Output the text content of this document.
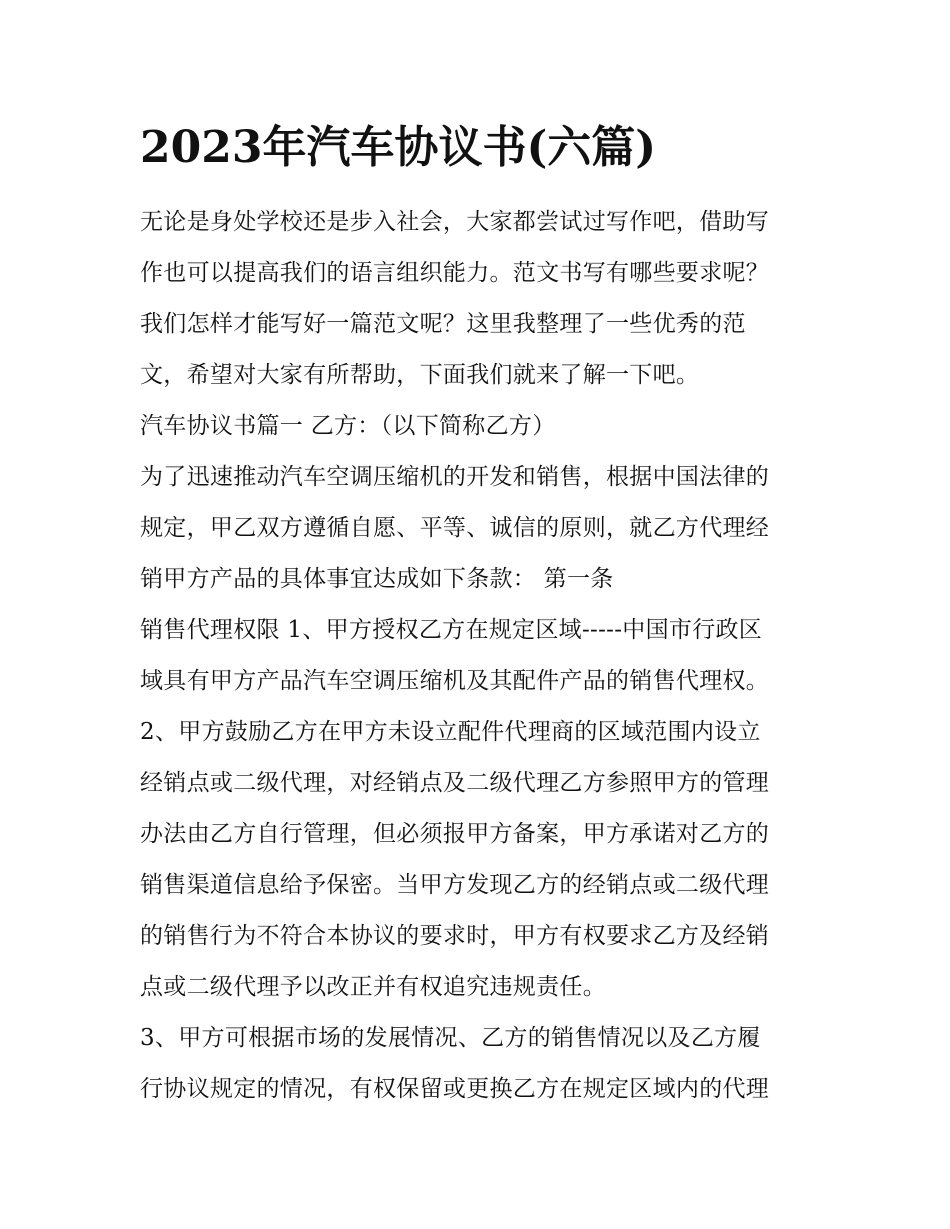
2023年汽车协议书(六篇)

无论是身处学校还是步入社会，大家都尝试过写作吧，借助写

作也可以提高我们的语言组织能力。范文书写有哪些要求呢？

我们怎样才能写好一篇范文呢？这里我整理了一些优秀的范

文，希望对大家有所帮助，下面我们就来了解一下吧。

汽车协议书篇一 乙方：（以下简称乙方）

为了迅速推动汽车空调压缩机的开发和销售，根据中国法律的

规定，甲乙双方遵循自愿、平等、诚信的原则，就乙方代理经

销甲方产品的具体事宜达成如下条款： 第一条

销售代理权限 1、甲方授权乙方在规定区域-----中国市行政区

域具有甲方产品汽车空调压缩机及其配件产品的销售代理权。

2、甲方鼓励乙方在甲方未设立配件代理商的区域范围内设立

经销点或二级代理，对经销点及二级代理乙方参照甲方的管理

办法由乙方自行管理，但必须报甲方备案，甲方承诺对乙方的

销售渠道信息给予保密。当甲方发现乙方的经销点或二级代理

的销售行为不符合本协议的要求时，甲方有权要求乙方及经销

点或二级代理予以改正并有权追究违规责任。

3、甲方可根据市场的发展情况、乙方的销售情况以及乙方履

行协议规定的情况，有权保留或更换乙方在规定区域内的代理
